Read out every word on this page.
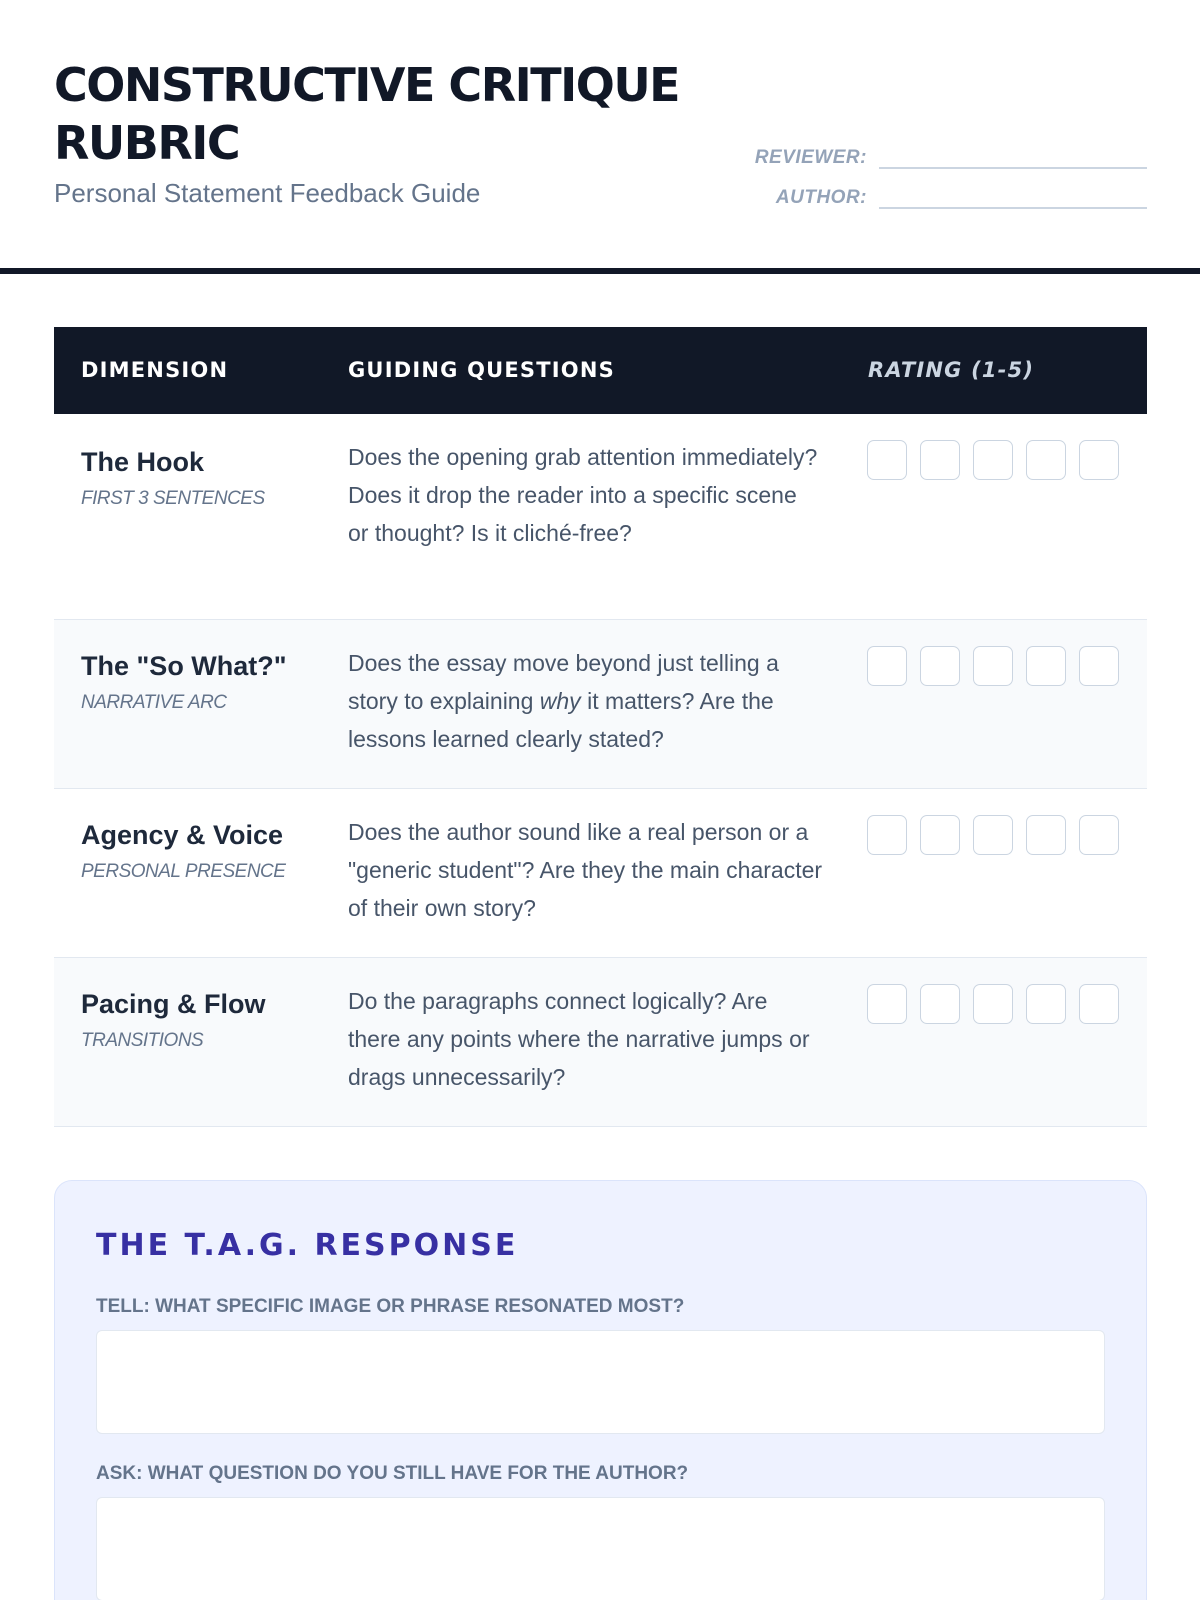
CONSTRUCTIVE CRITIQUE RUBRIC
Personal Statement Feedback Guide
REVIEWER:
AUTHOR:
DIMENSION	GUIDING QUESTIONS	RATING (1-5)
The Hook
FIRST 3 SENTENCES
Does the opening grab attention immediately? Does it drop the reader into a specific scene or thought? Is it cliché-free?
The "So What?"
NARRATIVE ARC
Does the essay move beyond just telling a story to explaining why it matters? Are the lessons learned clearly stated?
Agency & Voice
PERSONAL PRESENCE
Does the author sound like a real person or a "generic student"? Are they the main character of their own story?
Pacing & Flow
TRANSITIONS
Do the paragraphs connect logically? Are there any points where the narrative jumps or drags unnecessarily?
THE T.A.G. RESPONSE
TELL: WHAT SPECIFIC IMAGE OR PHRASE RESONATED MOST?
ASK: WHAT QUESTION DO YOU STILL HAVE FOR THE AUTHOR?
